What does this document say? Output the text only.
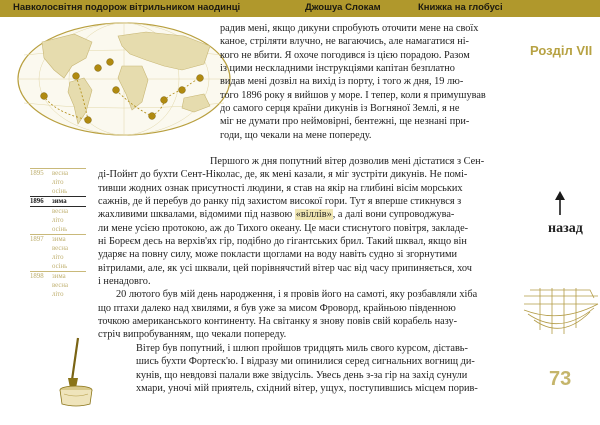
Навколосвітня подорож вітрильником наодинці	Джошуа Слокам	Книжка на глобусі
Розділ VII
назад
73
1895	весна
літо
осінь
1896	зима
весна
літо
осінь
1897	зима
весна
літо
осінь
1898	зима
весна
літо

радив мені, якщо дикуни спробують оточити мене на своїх

каное, стріляти влучно, не вагаючись, але намагатися ні-

кого не вбити. Я охоче погодився із цією порадою. Разом

із цими нескладними інструкціями капітан безплатно

видав мені дозвіл на вихід із порту, і того ж дня, 19 лю-

того 1896 року я вийшов у море. І тепер, коли я примушував

до самого серця країни дикунів із Вогняної Землі, я не

міг не думати про неймовірні, бентежні, ще незнані при-

годи, що чекали на мене попереду.

Першого ж дня попутний вітер дозволив мені дістатися з Сен-

ді-Пойнт до бухти Сент-Ніколас, де, як мені казали, я міг зустріти дикунів. Не помі-

тивши жодних ознак присутності людини, я став на якір на глибині вісім морських

сажнів, де й перебув до ранку під захистом високої гори. Тут я вперше стикнувся з

жахливими шквалами, відомими під назвою «віллів», а далі вони супроводжува-

ли мене усією протокою, аж до Тихого океану. Це маси стиснутого повітря, закладе-

ні Бореєм десь на верхів'ях гір, подібно до гігантських брил. Такий шквал, якщо він

ударяє на повну силу, може покласти щоглами на воду навіть судно зі згорнутими

вітрилами, але, як усі шквали, цей порівнячстий вітер час від часу припиняється, хоч

і ненадовго.

20 лютого був мій день народження, і я провів його на самоті, яку розбавляли хіба

що птахи далеко над хвилями, я був уже за мисом Фроворд, крайньою південною

точкою американського континенту. На світанку я знову повів свій корабель назу-

стріч випробуванням, що чекали попереду.

Вітер був попутний, і шлюп пройшов тридцять миль свого курсом, діставь-

шись бухти Фортеск'ю. І відразу ми опинилися серед сигнальних вогнищ ди-

кунів, що невдовзі палали вже звідусіль. Увесь день з-за гір на захід сунули

хмари, уночі мій приятель, східний вітер, ущух, поступившись місцем порив-
